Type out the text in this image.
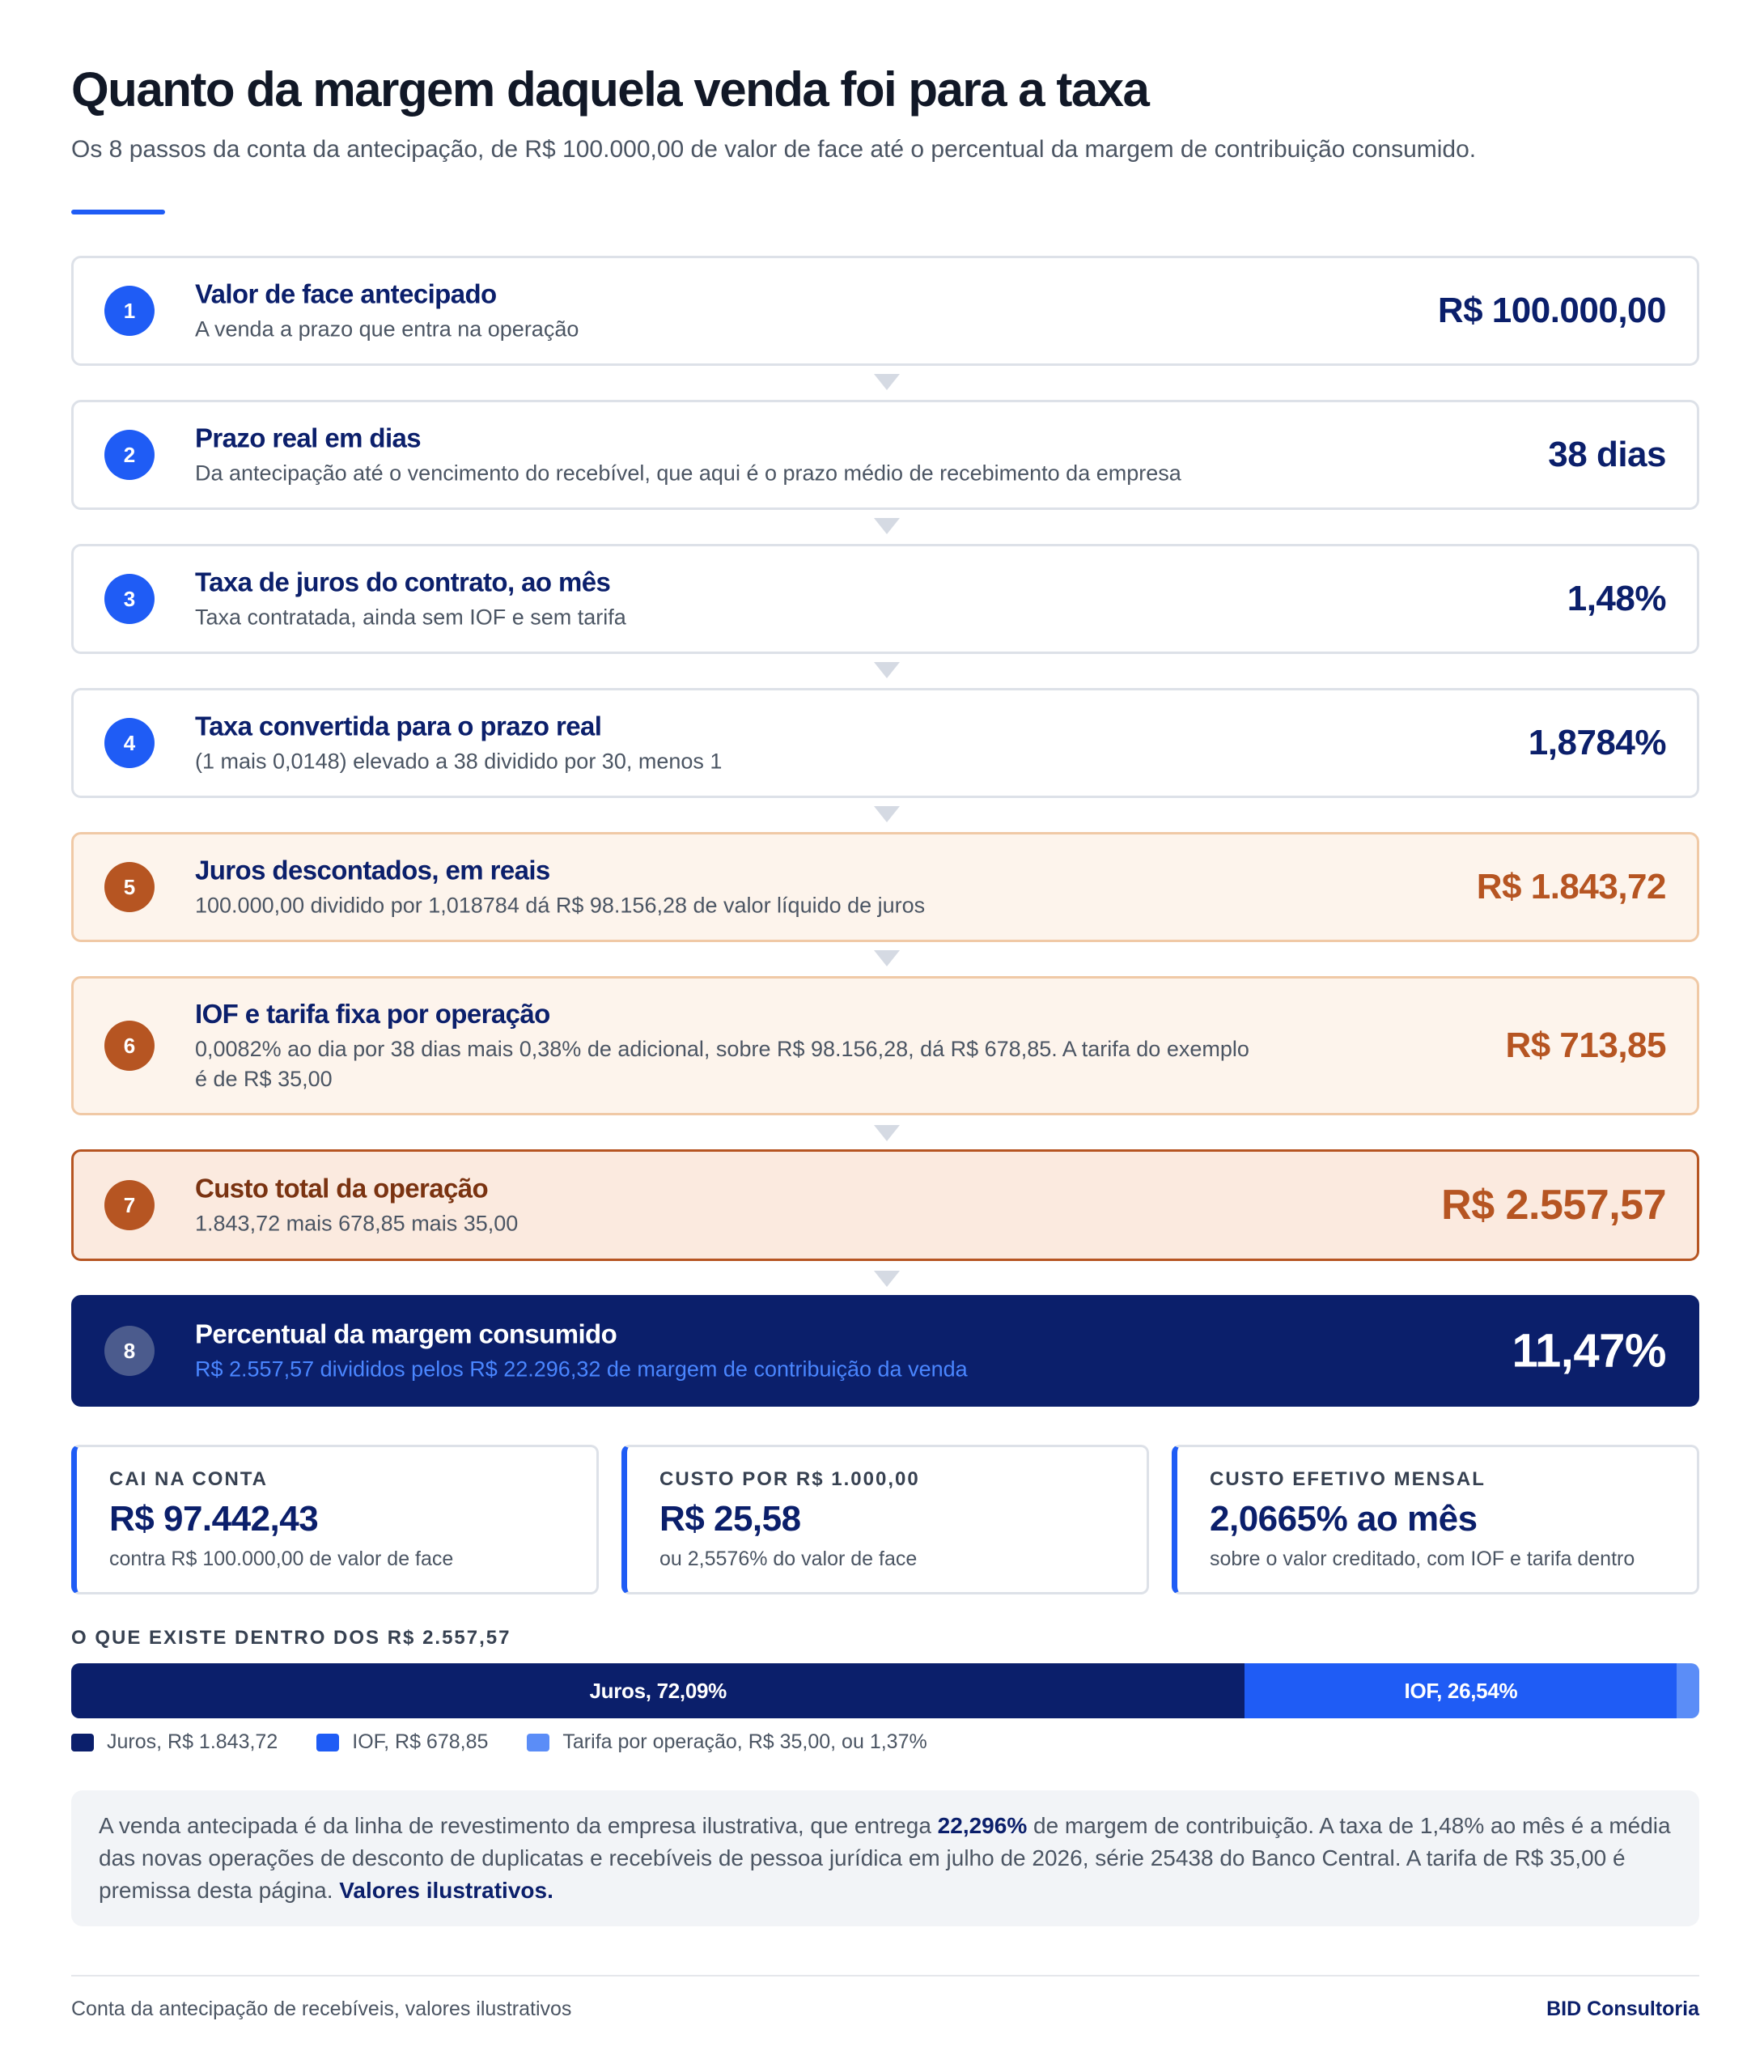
Quanto da margem daquela venda foi para a taxa

Os 8 passos da conta da antecipação, de R$ 100.000,00 de valor de face até o percentual da margem de contribuição consumido.

1
Valor de face antecipado
A venda a prazo que entra na operação	R$ 100.000,00
2
Prazo real em dias
Da antecipação até o vencimento do recebível, que aqui é o prazo médio de recebimento da empresa	38 dias
3
Taxa de juros do contrato, ao mês
Taxa contratada, ainda sem IOF e sem tarifa	1,48%
4
Taxa convertida para o prazo real
(1 mais 0,0148) elevado a 38 dividido por 30, menos 1	1,8784%
5
Juros descontados, em reais
100.000,00 dividido por 1,018784 dá R$ 98.156,28 de valor líquido de juros	R$ 1.843,72
6
IOF e tarifa fixa por operação
0,0082% ao dia por 38 dias mais 0,38% de adicional, sobre R$ 98.156,28, dá R$ 678,85. A tarifa do exemplo é de R$ 35,00
R$ 713,85
7
Custo total da operação
1.843,72 mais 678,85 mais 35,00	R$ 2.557,57
8
Percentual da margem consumido
R$ 2.557,57 divididos pelos R$ 22.296,32 de margem de contribuição da venda	11,47%
CAI NA CONTA
R$ 97.442,43
contra R$ 100.000,00 de valor de face
CUSTO POR R$ 1.000,00
R$ 25,58
ou 2,5576% do valor de face
CUSTO EFETIVO MENSAL
2,0665% ao mês
sobre o valor creditado, com IOF e tarifa dentro
O QUE EXISTE DENTRO DOS R$ 2.557,57
Juros, 72,09%	IOF, 26,54%
Juros, R$ 1.843,72	IOF, R$ 678,85	Tarifa por operação, R$ 35,00, ou 1,37%
A venda antecipada é da linha de revestimento da empresa ilustrativa, que entrega 22,296% de margem de contribuição. A taxa de 1,48% ao mês é a média das novas operações de desconto de duplicatas e recebíveis de pessoa jurídica em julho de 2026, série 25438 do Banco Central. A tarifa de R$ 35,00 é premissa desta página. Valores ilustrativos.
Conta da antecipação de recebíveis, valores ilustrativos	BID Consultoria
